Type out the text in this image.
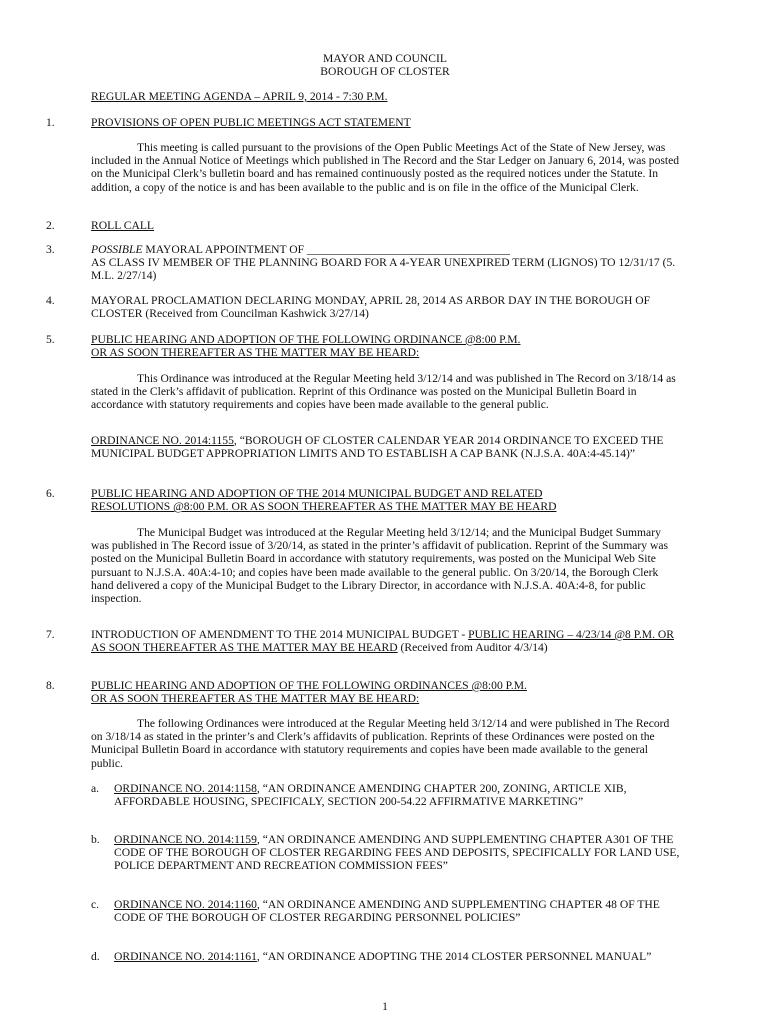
MAYOR AND COUNCIL
BOROUGH OF CLOSTER
REGULAR MEETING AGENDA – APRIL 9, 2014 - 7:30 P.M.
1.	PROVISIONS OF OPEN PUBLIC MEETINGS ACT STATEMENT

This meeting is called pursuant to the provisions of the Open Public Meetings Act of the State of New Jersey, was included in the Annual Notice of Meetings which published in The Record and the Star Ledger on January 6, 2014, was posted on the Municipal Clerk’s bulletin board and has remained continuously posted as the required notices under the Statute. In addition, a copy of the notice is and has been available to the public and is on file in the office of the Municipal Clerk.

2.	ROLL CALL
3.	POSSIBLE MAYORAL APPOINTMENT OF ___________________________________
AS CLASS IV MEMBER OF THE PLANNING BOARD FOR A 4-YEAR UNEXPIRED TERM (LIGNOS) TO 12/31/17 (5. M.L. 2/27/14)
4.	MAYORAL PROCLAMATION DECLARING MONDAY, APRIL 28, 2014 AS ARBOR DAY IN THE BOROUGH OF CLOSTER (Received from Councilman Kashwick 3/27/14)
5.	PUBLIC HEARING AND ADOPTION OF THE FOLLOWING ORDINANCE @8:00 P.M.
OR AS SOON THEREAFTER AS THE MATTER MAY BE HEARD:

This Ordinance was introduced at the Regular Meeting held 3/12/14 and was published in The Record on 3/18/14 as stated in the Clerk’s affidavit of publication. Reprint of this Ordinance was posted on the Municipal Bulletin Board in accordance with statutory requirements and copies have been made available to the general public.

ORDINANCE NO. 2014:1155, “BOROUGH OF CLOSTER CALENDAR YEAR 2014 ORDINANCE TO EXCEED THE MUNICIPAL BUDGET APPROPRIATION LIMITS AND TO ESTABLISH A CAP BANK (N.J.S.A. 40A:4-45.14)”
6.	PUBLIC HEARING AND ADOPTION OF THE 2014 MUNICIPAL BUDGET AND RELATED
RESOLUTIONS @8:00 P.M. OR AS SOON THEREAFTER AS THE MATTER MAY BE HEARD

The Municipal Budget was introduced at the Regular Meeting held 3/12/14; and the Municipal Budget Summary was published in The Record issue of 3/20/14, as stated in the printer’s affidavit of publication. Reprint of the Summary was posted on the Municipal Bulletin Board in accordance with statutory requirements, was posted on the Municipal Web Site pursuant to N.J.S.A. 40A:4-10; and copies have been made available to the general public. On 3/20/14, the Borough Clerk hand delivered a copy of the Municipal Budget to the Library Director, in accordance with N.J.S.A. 40A:4-8, for public inspection.

7.	INTRODUCTION OF AMENDMENT TO THE 2014 MUNICIPAL BUDGET - PUBLIC HEARING – 4/23/14 @8 P.M. OR AS SOON THEREAFTER AS THE MATTER MAY BE HEARD (Received from Auditor 4/3/14)
8.	PUBLIC HEARING AND ADOPTION OF THE FOLLOWING ORDINANCES @8:00 P.M.
OR AS SOON THEREAFTER AS THE MATTER MAY BE HEARD:

The following Ordinances were introduced at the Regular Meeting held 3/12/14 and were published in The Record on 3/18/14 as stated in the printer’s and Clerk’s affidavits of publication. Reprints of these Ordinances were posted on the Municipal Bulletin Board in accordance with statutory requirements and copies have been made available to the general public.

a. ORDINANCE NO. 2014:1158, “AN ORDINANCE AMENDING CHAPTER 200, ZONING, ARTICLE XIB, AFFORDABLE HOUSING, SPECIFICALY, SECTION 200-54.22 AFFIRMATIVE MARKETING”
b. ORDINANCE NO. 2014:1159, “AN ORDINANCE AMENDING AND SUPPLEMENTING CHAPTER A301 OF THE CODE OF THE BOROUGH OF CLOSTER REGARDING FEES AND DEPOSITS, SPECIFICALLY FOR LAND USE, POLICE DEPARTMENT AND RECREATION COMMISSION FEES”
c. ORDINANCE NO. 2014:1160, “AN ORDINANCE AMENDING AND SUPPLEMENTING CHAPTER 48 OF THE CODE OF THE BOROUGH OF CLOSTER REGARDING PERSONNEL POLICIES”
d. ORDINANCE NO. 2014:1161, “AN ORDINANCE ADOPTING THE 2014 CLOSTER PERSONNEL MANUAL”
1
